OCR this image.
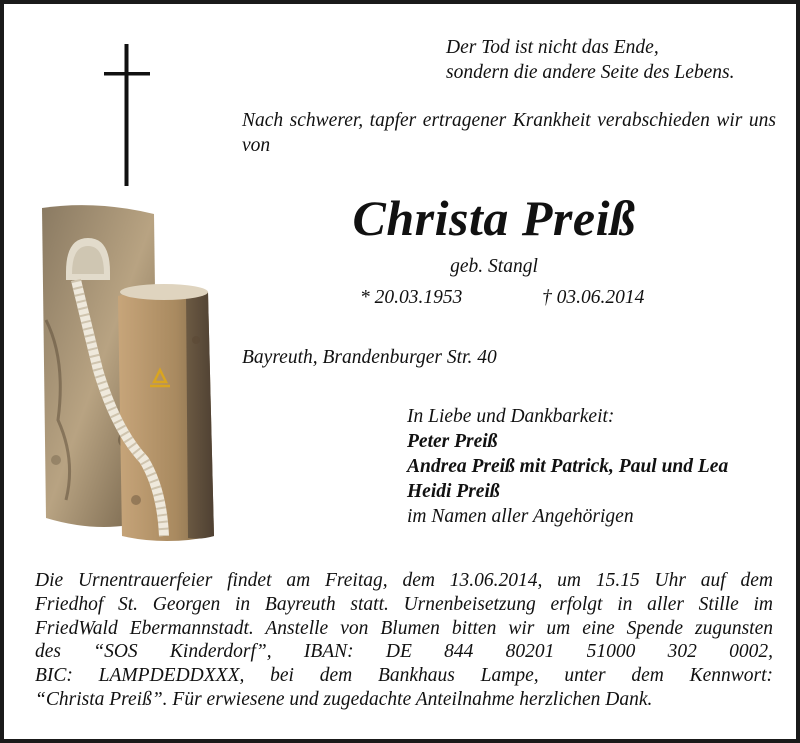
Der Tod ist nicht das Ende,
sondern die andere Seite des Lebens.
Nach schwerer, tapfer ertragener Krankheit verabschieden wir uns von
Christa Preiß
geb. Stangl
* 20.03.1953	† 03.06.2014
Bayreuth, Brandenburger Str. 40
In Liebe und Dankbarkeit:
Peter Preiß
Andrea Preiß mit Patrick, Paul und Lea
Heidi Preiß
im Namen aller Angehörigen
Die Urnentrauerfeier findet am Freitag, dem 13.06.2014, um 15.15 Uhr auf dem
Friedhof St. Georgen in Bayreuth statt. Urnenbeisetzung erfolgt in aller Stille im
FriedWald Ebermannstadt. Anstelle von Blumen bitten wir um eine Spende zugunsten
des “SOS Kinderdorf”, IBAN: DE 844 80201 51000 302 0002,
BIC: LAMPDEDDXXX, bei dem Bankhaus Lampe, unter dem Kennwort:
“Christa Preiß”. Für erwiesene und zugedachte Anteilnahme herzlichen Dank.
